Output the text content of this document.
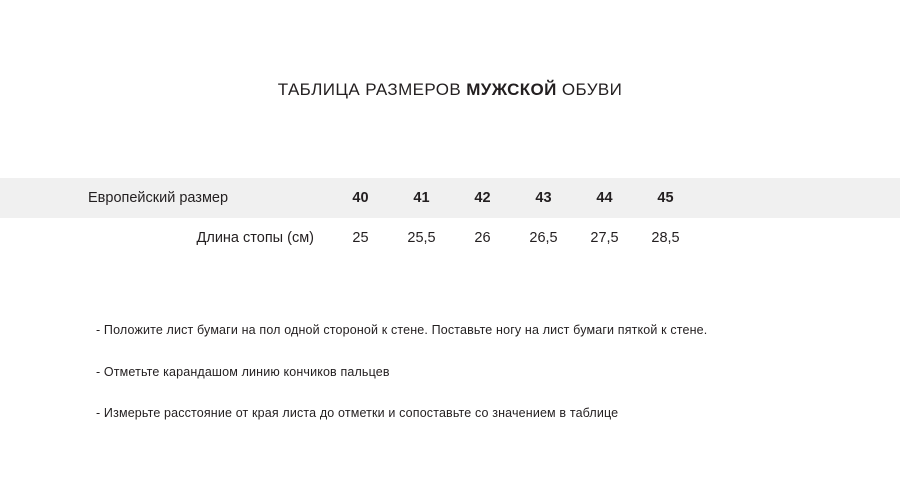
ТАБЛИЦА РАЗМЕРОВ МУЖСКОЙ ОБУВИ
Европейский размер	40	41	42	43	44	45
Длина стопы (см)	25	25,5	26	26,5	27,5	28,5
- Положите лист бумаги на пол одной стороной к стене. Поставьте ногу на лист бумаги пяткой к стене.
- Отметьте карандашом линию кончиков пальцев
- Измерьте расстояние от края листа до отметки и сопоставьте со значением в таблице
